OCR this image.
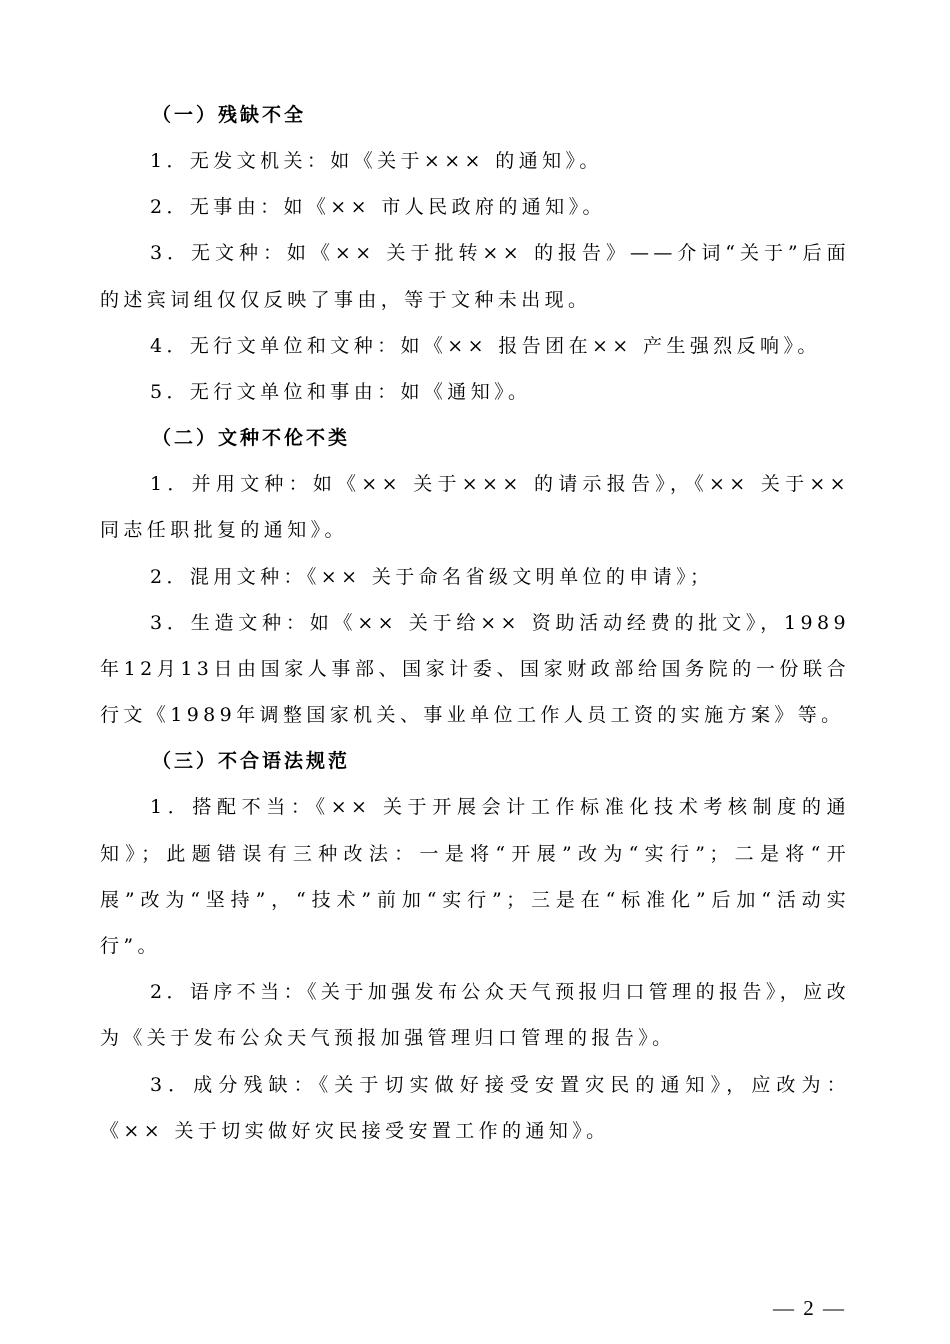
（一）残缺不全

1．无发文机关：如《关于××× 的通知》。

2．无事由：如《×× 市人民政府的通知》。

3．无文种：如《×× 关于批转×× 的报告》——介词“关于”后面的述宾词组仅仅反映了事由，等于文种未出现。

4．无行文单位和文种：如《×× 报告团在×× 产生强烈反响》。

5．无行文单位和事由：如《通知》。

（二）文种不伦不类

1．并用文种：如《×× 关于××× 的请示报告》，《×× 关于×× 同志任职批复的通知》。

2．混用文种：《×× 关于命名省级文明单位的申请》；

3．生造文种：如《×× 关于给×× 资助活动经费的批文》，1989年12月13日由国家人事部、国家计委、国家财政部给国务院的一份联合行文《1989年调整国家机关、事业单位工作人员工资的实施方案》等。

（三）不合语法规范

1．搭配不当：《×× 关于开展会计工作标准化技术考核制度的通知》；此题错误有三种改法：一是将“开展”改为“实行”；二是将“开展”改为“坚持”，“技术”前加“实行”；三是在“标准化”后加“活动实行”。

2．语序不当：《关于加强发布公众天气预报归口管理的报告》，应改为《关于发布公众天气预报加强管理归口管理的报告》。

3．成分残缺：《关于切实做好接受安置灾民的通知》，应改为：《×× 关于切实做好灾民接受安置工作的通知》。

— 2 —
